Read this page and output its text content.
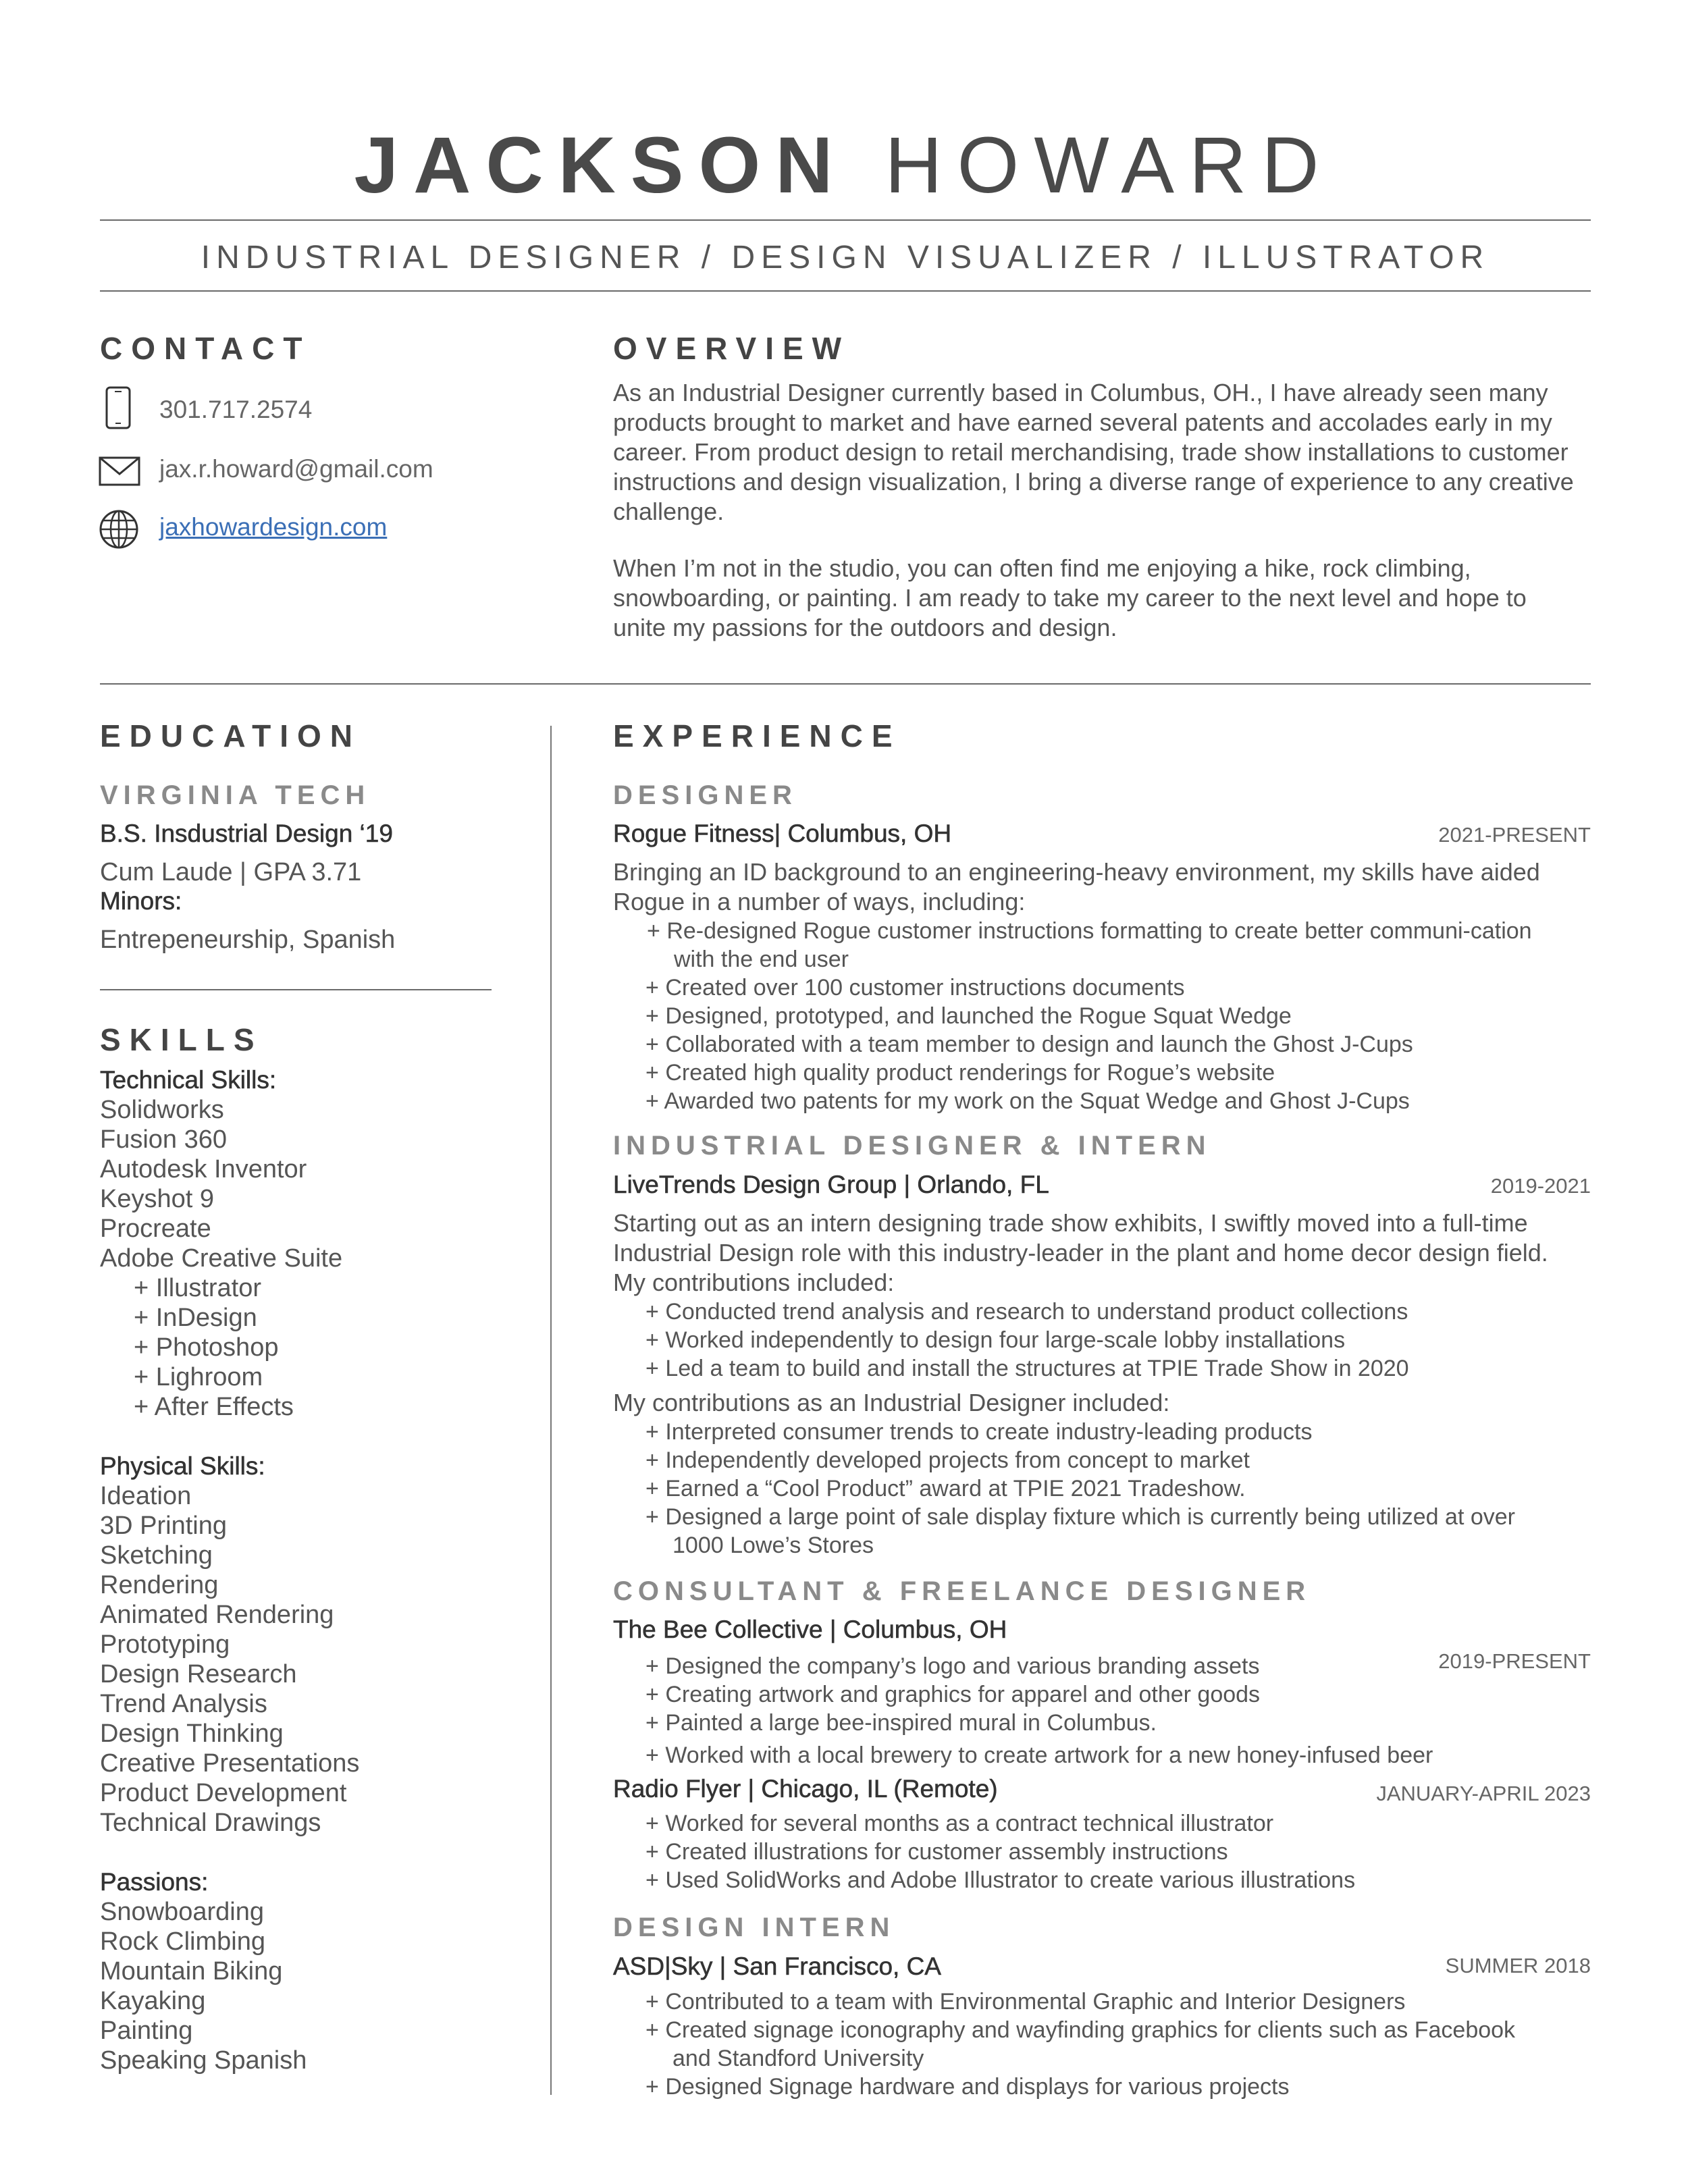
JACKSON HOWARD
INDUSTRIAL DESIGNER / DESIGN VISUALIZER / ILLUSTRATOR
CONTACT
301.717.2574
jax.r.howard@gmail.com
jaxhowardesign.com
OVERVIEW

As an Industrial Designer currently based in Columbus, OH., I have already seen many products brought to market and have earned several patents and accolades early in my career. From product design to retail merchandising, trade show installations to customer instructions and design visualization, I bring a diverse range of experience to any creative challenge.

When I’m not in the studio, you can often find me enjoying a hike, rock climbing, snowboarding, or painting. I am ready to take my career to the next level and hope to unite my passions for the outdoors and design.

EDUCATION
VIRGINIA TECH
B.S. Insdustrial Design ‘19
Cum Laude | GPA 3.71
Minors:
Entrepeneurship, Spanish
SKILLS
Technical Skills:
Solidworks
Fusion 360
Autodesk Inventor
Keyshot 9
Procreate
Adobe Creative Suite
+ Illustrator
+ InDesign
+ Photoshop
+ Lighroom
+ After Effects
Physical Skills:
Ideation
3D Printing
Sketching
Rendering
Animated Rendering
Prototyping
Design Research
Trend Analysis
Design Thinking
Creative Presentations
Product Development
Technical Drawings
Passions:
Snowboarding
Rock Climbing
Mountain Biking
Kayaking
Painting
Speaking Spanish
EXPERIENCE
DESIGNER
Rogue Fitness| Columbus, OH	2021-PRESENT

Bringing an ID background to an engineering-heavy environment, my skills have aided Rogue in a number of ways, including:

+ Re-designed Rogue customer instructions formatting to create better communi-cation with the end user
+ Created over 100 customer instructions documents
+ Designed, prototyped, and launched the Rogue Squat Wedge
+ Collaborated with a team member to design and launch the Ghost J-Cups
+ Created high quality product renderings for Rogue’s website
+ Awarded two patents for my work on the Squat Wedge and Ghost J-Cups
INDUSTRIAL DESIGNER & INTERN
LiveTrends Design Group | Orlando, FL	2019-2021

Starting out as an intern designing trade show exhibits, I swiftly moved into a full-time Industrial Design role with this industry-leader in the plant and home decor design field. My contributions included:

+ Conducted trend analysis and research to understand product collections
+ Worked independently to design four large-scale lobby installations
+ Led a team to build and install the structures at TPIE Trade Show in 2020

My contributions as an Industrial Designer included:

+ Interpreted consumer trends to create industry-leading products
+ Independently developed projects from concept to market
+ Earned a “Cool Product” award at TPIE 2021 Tradeshow.
+ Designed a large point of sale display fixture which is currently being utilized at over 1000 Lowe’s Stores
CONSULTANT & FREELANCE DESIGNER
The Bee Collective | Columbus, OH
2019-PRESENT
+ Designed the company’s logo and various branding assets
+ Creating artwork and graphics for apparel and other goods
+ Painted a large bee-inspired mural in Columbus.
+ Worked with a local brewery to create artwork for a new honey-infused beer
Radio Flyer | Chicago, IL (Remote)	JANUARY-APRIL 2023
+ Worked for several months as a contract technical illustrator
+ Created illustrations for customer assembly instructions
+ Used SolidWorks and Adobe Illustrator to create various illustrations
DESIGN INTERN
ASD|Sky | San Francisco, CA	SUMMER 2018
+ Contributed to a team with Environmental Graphic and Interior Designers
+ Created signage iconography and wayfinding graphics for clients such as Facebook and Standford University
+ Designed Signage hardware and displays for various projects
